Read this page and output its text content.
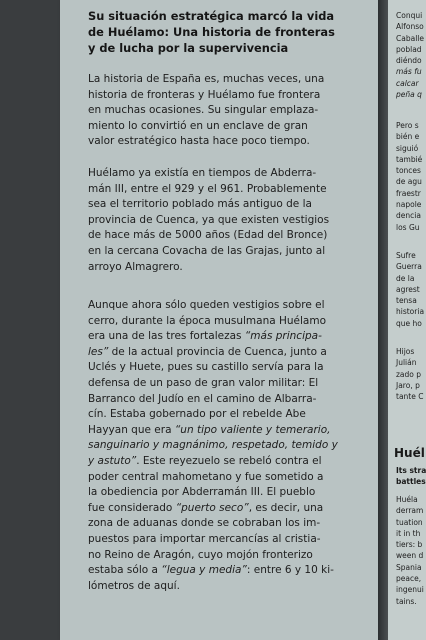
Su situación estratégica marcó la vida
de Huélamo: Una historia de fronteras
y de lucha por la supervivencia
La historia de España es, muchas veces, una
historia de fronteras y Huélamo fue frontera
en muchas ocasiones. Su singular emplaza-
miento lo convirtió en un enclave de gran
valor estratégico hasta hace poco tiempo.
Huélamo ya existía en tiempos de Abderra-
mán III, entre el 929 y el 961. Probablemente
sea el territorio poblado más antiguo de la
provincia de Cuenca, ya que existen vestigios
de hace más de 5000 años (Edad del Bronce)
en la cercana Covacha de las Grajas, junto al
arroyo Almagrero.
Aunque ahora sólo queden vestigios sobre el
cerro, durante la época musulmana Huélamo
era una de las tres fortalezas “más principa-
les” de la actual provincia de Cuenca, junto a
Uclés y Huete, pues su castillo servía para la
defensa de un paso de gran valor militar: El
Barranco del Judío en el camino de Albarra-
cín. Estaba gobernado por el rebelde Abe
Hayyan que era “un tipo valiente y temerario,
sanguinario y magnánimo, respetado, temido y
y astuto”. Este reyezuelo se rebeló contra el
poder central mahometano y fue sometido a
la obediencia por Abderramán III. El pueblo
fue considerado “puerto seco”, es decir, una
zona de aduanas donde se cobraban los im-
puestos para importar mercancías al cristia-
no Reino de Aragón, cuyo mojón fronterizo
estaba sólo a “legua y media”: entre 6 y 10 ki-
lómetros de aquí.
Conqui
Alfonso
Caballe
poblad
diéndo
más fu
calcar
peña q
Pero s
bién e
siguió
tambié
tonces
de agu
fraestr
napole
dencia
los Gu
Sufre
Guerra
de la
agrest
tensa
historia
que ho
Hijos
Julián
zado p
Jaro, p
tante C
Huél
Its stra
battles
Huéla
derram
tuation
it in th
tiers: b
ween d
Spania
peace,
ingenui
tains.
